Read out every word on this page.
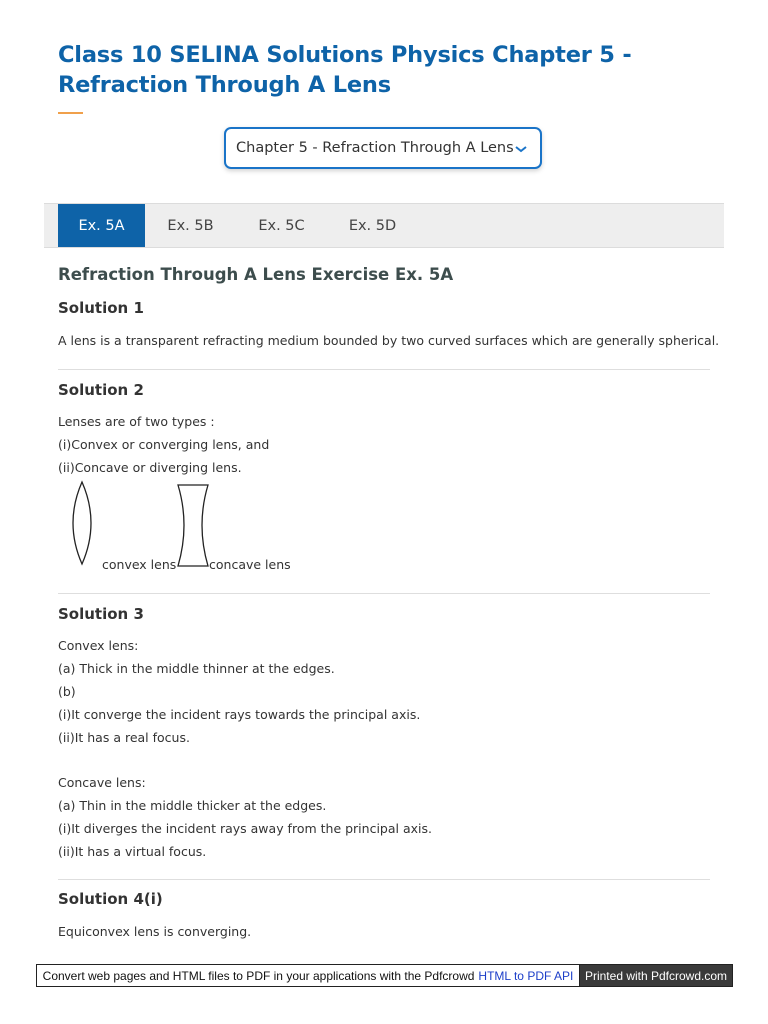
Class 10 SELINA Solutions Physics Chapter 5 - Refraction Through A Lens
Chapter 5 - Refraction Through A Lens
Ex. 5A	Ex. 5B	Ex. 5C	Ex. 5D
Refraction Through A Lens Exercise Ex. 5A
Solution 1

A lens is a transparent refracting medium bounded by two curved surfaces which are generally spherical.

Solution 2

Lenses are of two types :

(i)Convex or converging lens, and

(ii)Concave or diverging lens.

convex lens	concave lens
Solution 3

Convex lens:

(a) Thick in the middle thinner at the edges.

(b)

(i)It converge the incident rays towards the principal axis.

(ii)It has a real focus.

Concave lens:

(a) Thin in the middle thicker at the edges.

(i)It diverges the incident rays away from the principal axis.

(ii)It has a virtual focus.

Solution 4(i)

Equiconvex lens is converging.

Convert web pages and HTML files to PDF in your applications with the Pdfcrowd HTML to PDF API Printed with Pdfcrowd.com
